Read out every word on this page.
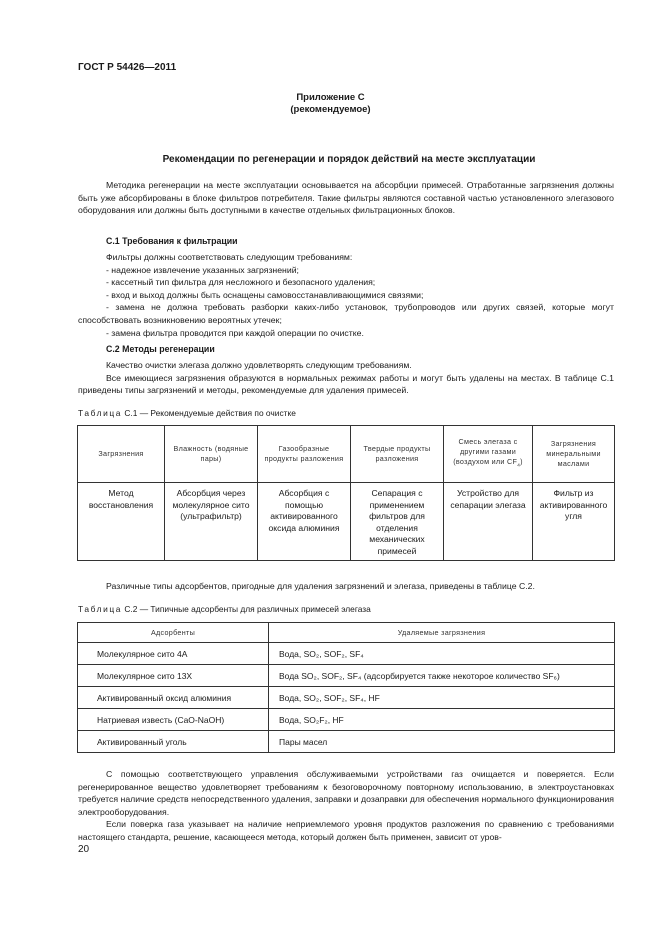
ГОСТ Р 54426—2011
Приложение С
(рекомендуемое)
Рекомендации по регенерации и порядок действий на месте эксплуатации

Методика регенерации на месте эксплуатации основывается на абсорбции примесей. Отработанные загрязнения должны быть уже абсорбированы в блоке фильтров потребителя. Такие фильтры являются составной частью установленного элегазового оборудования или должны быть доступными в качестве отдельных фильтрационных блоков.

С.1 Требования к фильтрации

Фильтры должны соответствовать следующим требованиям:

- надежное извлечение указанных загрязнений;

- кассетный тип фильтра для несложного и безопасного удаления;

- вход и выход должны быть оснащены самовосстанавливающимися связями;

- замена не должна требовать разборки каких-либо установок, трубопроводов или других связей, которые могут способствовать возникновению вероятных утечек;

- замена фильтра проводится при каждой операции по очистке.

С.2 Методы регенерации

Качество очистки элегаза должно удовлетворять следующим требованиям.

Все имеющиеся загрязнения образуются в нормальных режимах работы и могут быть удалены на местах. В таблице С.1 приведены типы загрязнений и методы, рекомендуемые для удаления примесей.

Таблица С.1 — Рекомендуемые действия по очистке
Загрязнения	Влажность (водяные пары)	Газообразные продукты разложения	Твердые продукты разложения	Смесь элегаза с другими газами (воздухом или $CF_4$)	Загрязнения минеральными маслами
Метод восстановления	Абсорбция через молекулярное сито (ультрафильтр)	Абсорбция с помощью активированного оксида алюминия	Сепарация с применением фильтров для отделения механических примесей	Устройство для сепарации элегаза	Фильтр из активированного угля

Различные типы адсорбентов, пригодные для удаления загрязнений и элегаза, приведены в таблице С.2.

Таблица С.2 — Типичные адсорбенты для различных примесей элегаза
Адсорбенты	Удаляемые загрязнения
Молекулярное сито 4А	Вода, SO₂, SOF₂, SF₄
Молекулярное сито 13Х	Вода SO₂, SOF₂, SF₄ (адсорбируется также некоторое количество SF₆)
Активированный оксид алюминия	Вода, SO₂, SOF₂, SF₄, HF
Натриевая известь (CaO-NaOH)	Вода, SO₂F₂, HF
Активированный уголь	Пары масел

С помощью соответствующего управления обслуживаемыми устройствами газ очищается и поверяется. Если регенерированное вещество удовлетворяет требованиям к безоговорочному повторному использованию, в электроустановках требуется наличие средств непосредственного удаления, заправки и дозаправки для обеспечения нормального функционирования электрооборудования.

Если поверка газа указывает на наличие неприемлемого уровня продуктов разложения по сравнению с требованиями настоящего стандарта, решение, касающееся метода, который должен быть применен, зависит от уров-

20
